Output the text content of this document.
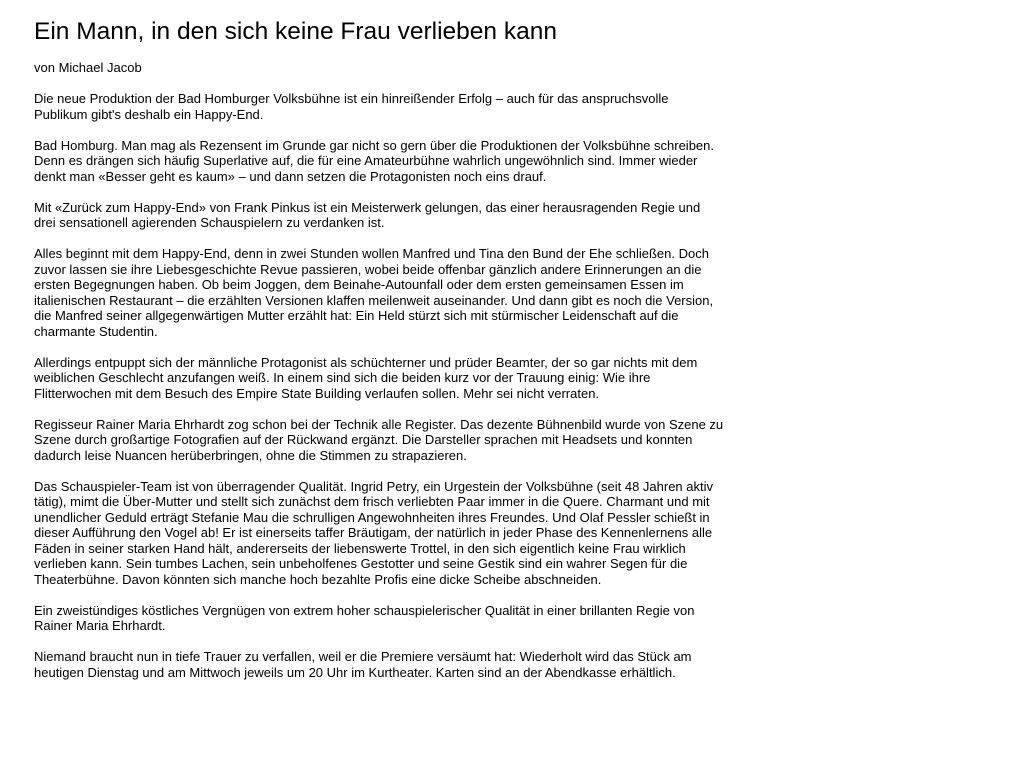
Ein Mann, in den sich keine Frau verlieben kann

von Michael Jacob

Die neue Produktion der Bad Homburger Volksbühne ist ein hinreißender Erfolg – auch für das anspruchsvolle Publikum gibt's deshalb ein Happy-End.

Bad Homburg. Man mag als Rezensent im Grunde gar nicht so gern über die Produktionen der Volksbühne schreiben. Denn es drängen sich häufig Superlative auf, die für eine Amateurbühne wahrlich ungewöhnlich sind. Immer wieder denkt man «Besser geht es kaum» – und dann setzen die Protagonisten noch eins drauf.

Mit «Zurück zum Happy-End» von Frank Pinkus ist ein Meisterwerk gelungen, das einer herausragenden Regie und drei sensationell agierenden Schauspielern zu verdanken ist.

Alles beginnt mit dem Happy-End, denn in zwei Stunden wollen Manfred und Tina den Bund der Ehe schließen. Doch zuvor lassen sie ihre Liebesgeschichte Revue passieren, wobei beide offenbar gänzlich andere Erinnerungen an die ersten Begegnungen haben. Ob beim Joggen, dem Beinahe-Autounfall oder dem ersten gemeinsamen Essen im italienischen Restaurant – die erzählten Versionen klaffen meilenweit auseinander. Und dann gibt es noch die Version, die Manfred seiner allgegenwärtigen Mutter erzählt hat: Ein Held stürzt sich mit stürmischer Leidenschaft auf die charmante Studentin.

Allerdings entpuppt sich der männliche Protagonist als schüchterner und prüder Beamter, der so gar nichts mit dem weiblichen Geschlecht anzufangen weiß. In einem sind sich die beiden kurz vor der Trauung einig: Wie ihre Flitterwochen mit dem Besuch des Empire State Building verlaufen sollen. Mehr sei nicht verraten.

Regisseur Rainer Maria Ehrhardt zog schon bei der Technik alle Register. Das dezente Bühnenbild wurde von Szene zu Szene durch großartige Fotografien auf der Rückwand ergänzt. Die Darsteller sprachen mit Headsets und konnten dadurch leise Nuancen herüberbringen, ohne die Stimmen zu strapazieren.

Das Schauspieler-Team ist von überragender Qualität. Ingrid Petry, ein Urgestein der Volksbühne (seit 48 Jahren aktiv tätig), mimt die Über-Mutter und stellt sich zunächst dem frisch verliebten Paar immer in die Quere. Charmant und mit unendlicher Geduld erträgt Stefanie Mau die schrulligen Angewohnheiten ihres Freundes. Und Olaf Pessler schießt in dieser Aufführung den Vogel ab! Er ist einerseits taffer Bräutigam, der natürlich in jeder Phase des Kennenlernens alle Fäden in seiner starken Hand hält, andererseits der liebenswerte Trottel, in den sich eigentlich keine Frau wirklich verlieben kann. Sein tumbes Lachen, sein unbeholfenes Gestotter und seine Gestik sind ein wahrer Segen für die Theaterbühne. Davon könnten sich manche hoch bezahlte Profis eine dicke Scheibe abschneiden.

Ein zweistündiges köstliches Vergnügen von extrem hoher schauspielerischer Qualität in einer brillanten Regie von Rainer Maria Ehrhardt.

Niemand braucht nun in tiefe Trauer zu verfallen, weil er die Premiere versäumt hat: Wiederholt wird das Stück am heutigen Dienstag und am Mittwoch jeweils um 20 Uhr im Kurtheater. Karten sind an der Abendkasse erhältlich.
